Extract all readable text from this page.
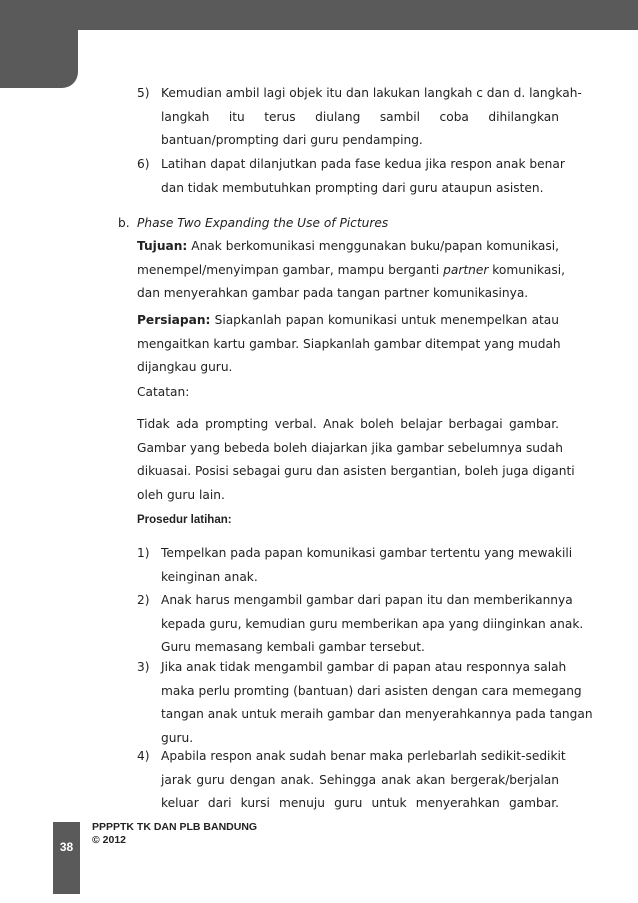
5) Kemudian ambil lagi objek itu dan lakukan langkah c dan d. langkah-
langkah itu terus diulang sambil coba dihilangkan
bantuan/prompting dari guru pendamping.
6) Latihan dapat dilanjutkan pada fase kedua jika respon anak benar
dan tidak membutuhkan prompting dari guru ataupun asisten.
b. Phase Two Expanding the Use of Pictures
Tujuan: Anak berkomunikasi menggunakan buku/papan komunikasi,
menempel/menyimpan gambar, mampu berganti partner komunikasi,
dan menyerahkan gambar pada tangan partner komunikasinya.
Persiapan: Siapkanlah papan komunikasi untuk menempelkan atau
mengaitkan kartu gambar. Siapkanlah gambar ditempat yang mudah
dijangkau guru.
Catatan:
Tidak ada prompting verbal. Anak boleh belajar berbagai gambar.
Gambar yang bebeda boleh diajarkan jika gambar sebelumnya sudah
dikuasai. Posisi sebagai guru dan asisten bergantian, boleh juga diganti
oleh guru lain.
Prosedur latihan:
1) Tempelkan pada papan komunikasi gambar tertentu yang mewakili
keinginan anak.
2) Anak harus mengambil gambar dari papan itu dan memberikannya
kepada guru, kemudian guru memberikan apa yang diinginkan anak.
Guru memasang kembali gambar tersebut.
3) Jika anak tidak mengambil gambar di papan atau responnya salah
maka perlu promting (bantuan) dari asisten dengan cara memegang
tangan anak untuk meraih gambar dan menyerahkannya pada tangan
guru.
4) Apabila respon anak sudah benar maka perlebarlah sedikit-sedikit
jarak guru dengan anak. Sehingga anak akan bergerak/berjalan
keluar dari kursi menuju guru untuk menyerahkan gambar.
38
PPPPTK TK DAN PLB BANDUNG
© 2012
